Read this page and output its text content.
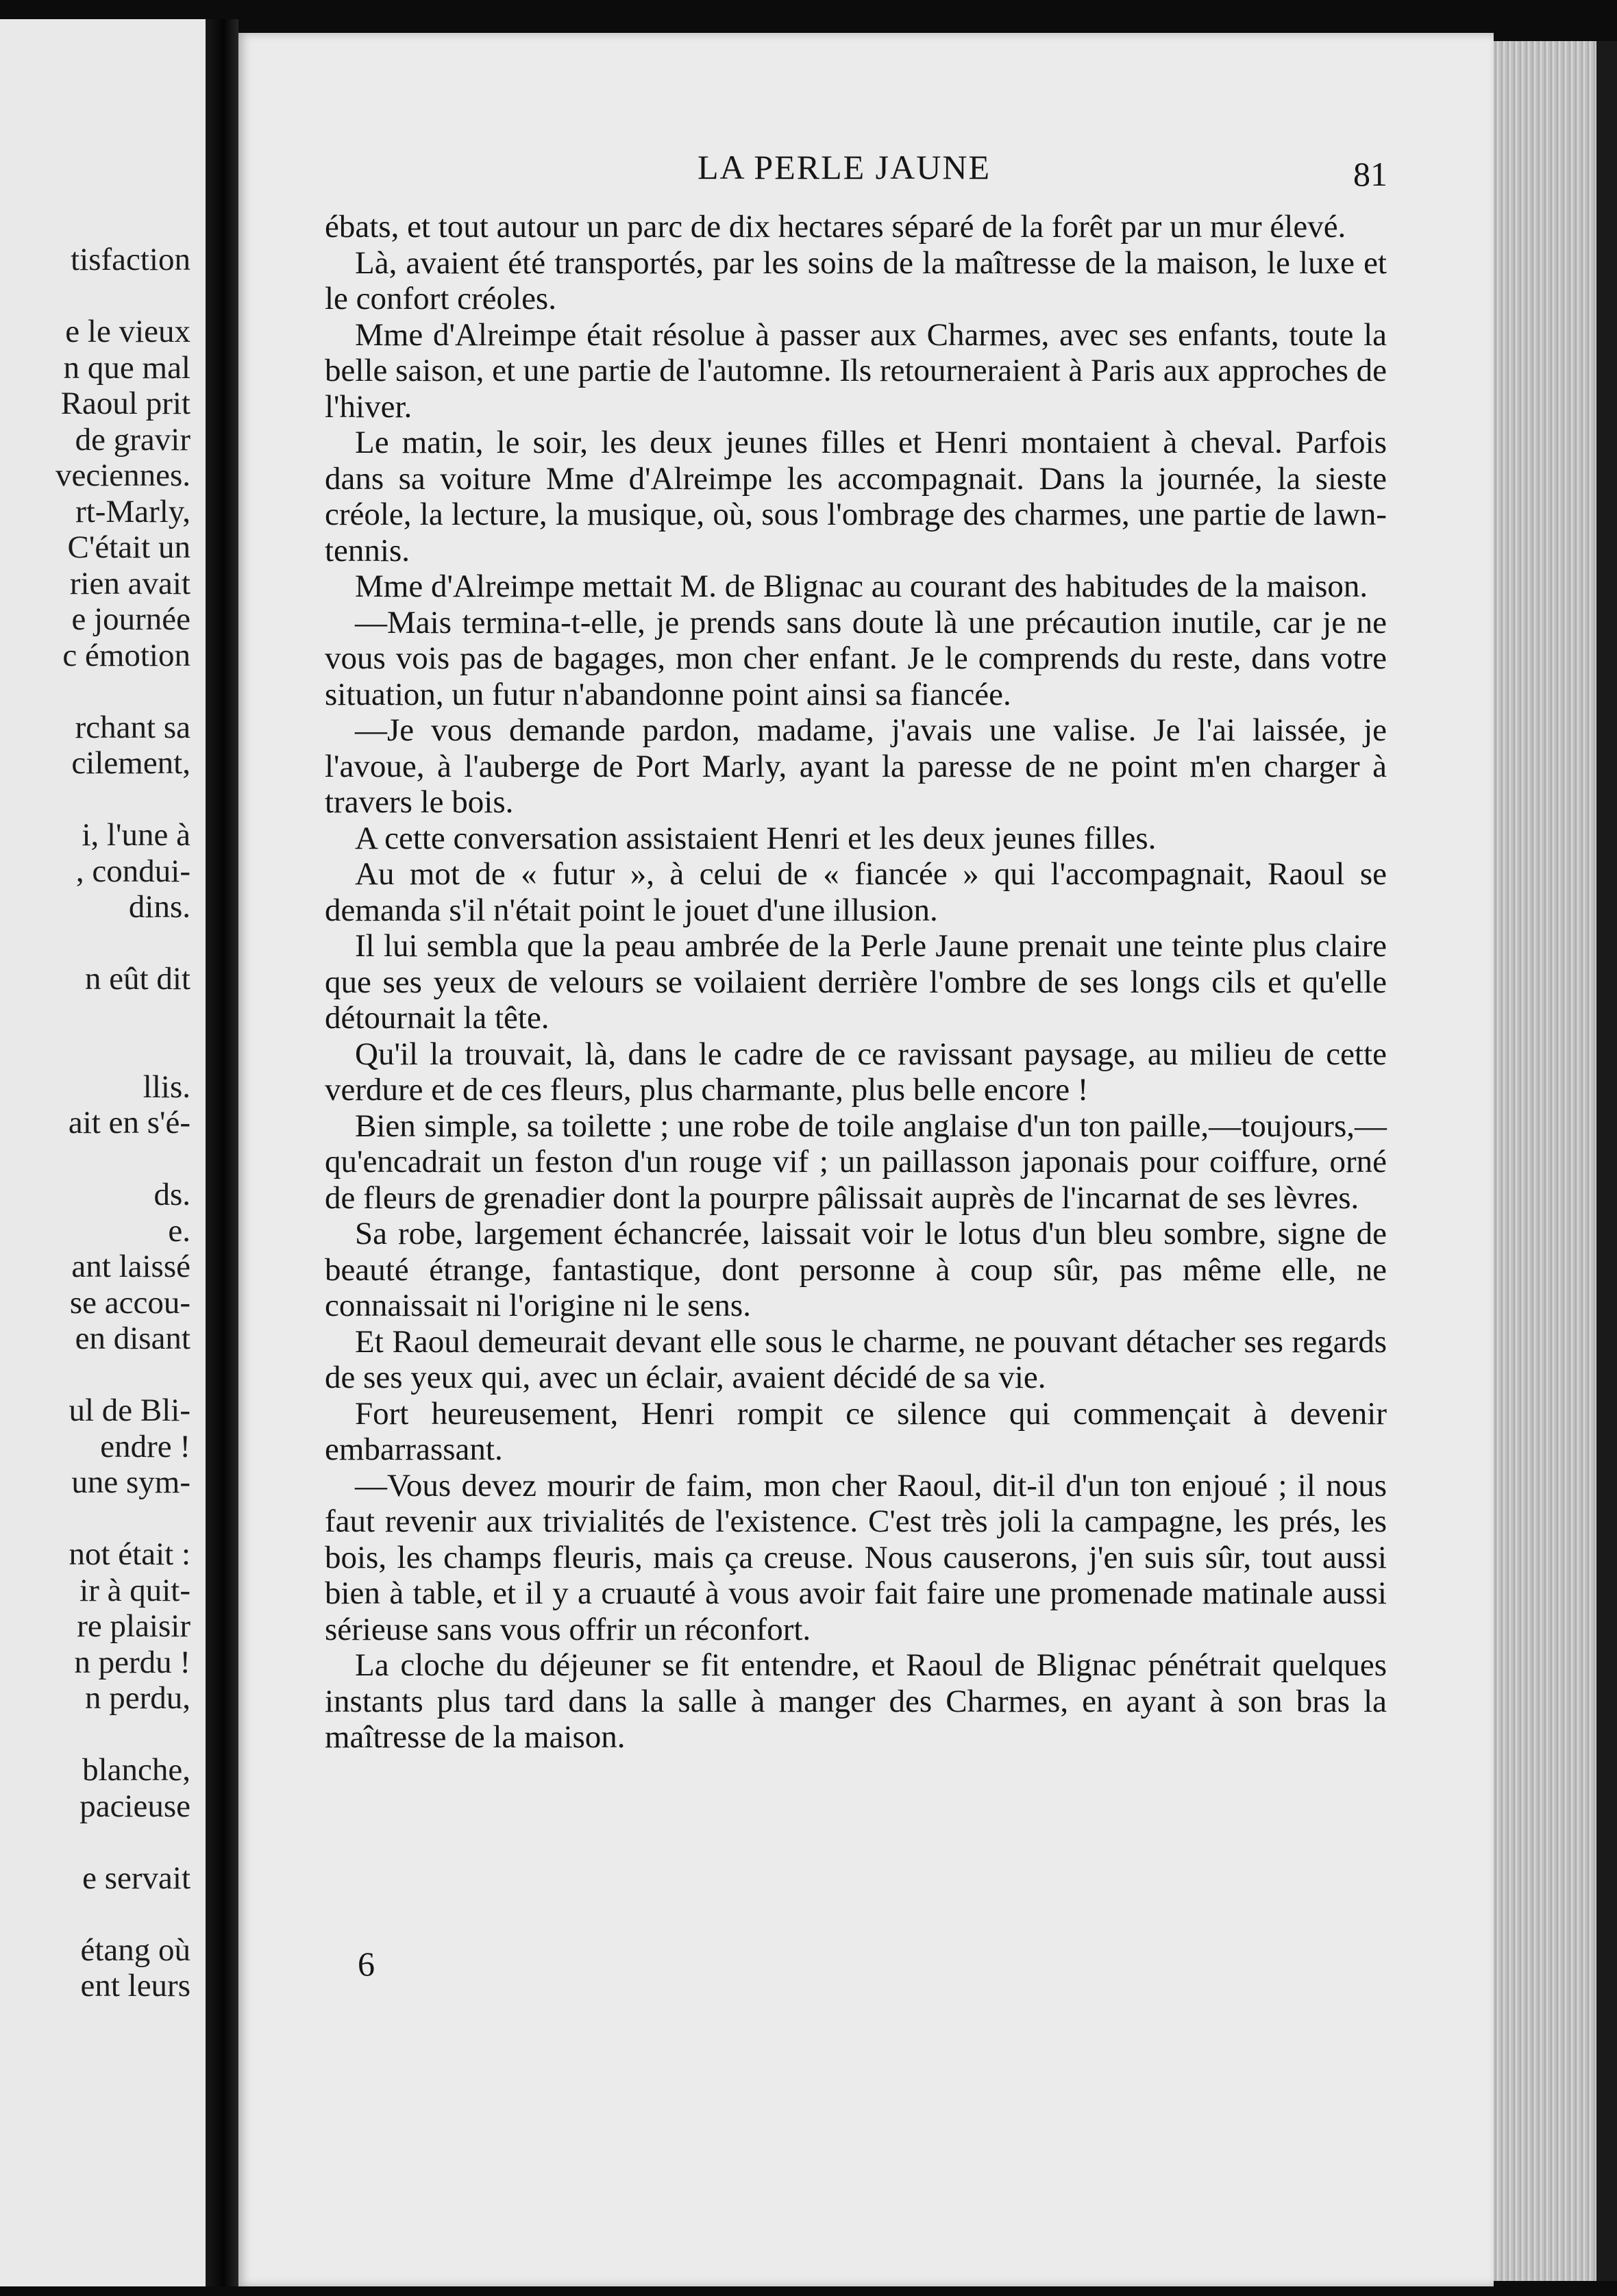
tisfaction
e le vieux
n que mal
Raoul prit
de gravir
veciennes.
rt-Marly,
C'était un
rien avait
e journée
c émotion
rchant sa
cilement,
i, l'une à
, condui-
dins.
n eût dit
llis.
ait en s'é-
ds.
e.
ant laissé
se accou-
en disant
ul de Bli-
endre !
une sym-
not était :
ir à quit-
re plaisir
n perdu !
n perdu,
blanche,
pacieuse
e servait
étang où
ent leurs
LA PERLE JAUNE	81

ébats, et tout autour un parc de dix hectares séparé de la forêt par un mur élevé.

Là, avaient été transportés, par les soins de la maîtresse de la maison, le luxe et le confort créoles.

Mme d'Alreimpe était résolue à passer aux Charmes, avec ses enfants, toute la belle saison, et une partie de l'automne. Ils retourneraient à Paris aux approches de l'hiver.

Le matin, le soir, les deux jeunes filles et Henri montaient à cheval. Parfois dans sa voiture Mme d'Alreimpe les accompagnait. Dans la journée, la sieste créole, la lecture, la musique, où, sous l'ombrage des charmes, une partie de lawn-tennis.

Mme d'Alreimpe mettait M. de Blignac au courant des habitudes de la maison.

—Mais termina-t-elle, je prends sans doute là une précaution inutile, car je ne vous vois pas de bagages, mon cher enfant. Je le comprends du reste, dans votre situation, un futur n'abandonne point ainsi sa fiancée.

—Je vous demande pardon, madame, j'avais une valise. Je l'ai laissée, je l'avoue, à l'auberge de Port Marly, ayant la paresse de ne point m'en charger à travers le bois.

A cette conversation assistaient Henri et les deux jeunes filles.

Au mot de « futur », à celui de « fiancée » qui l'accompagnait, Raoul se demanda s'il n'était point le jouet d'une illusion.

Il lui sembla que la peau ambrée de la Perle Jaune prenait une teinte plus claire que ses yeux de velours se voilaient derrière l'ombre de ses longs cils et qu'elle détournait la tête.

Qu'il la trouvait, là, dans le cadre de ce ravissant paysage, au milieu de cette verdure et de ces fleurs, plus charmante, plus belle encore !

Bien simple, sa toilette ; une robe de toile anglaise d'un ton paille,—toujours,—qu'encadrait un feston d'un rouge vif ; un paillasson japonais pour coiffure, orné de fleurs de grenadier dont la pourpre pâlissait auprès de l'incarnat de ses lèvres.

Sa robe, largement échancrée, laissait voir le lotus d'un bleu sombre, signe de beauté étrange, fantastique, dont personne à coup sûr, pas même elle, ne connaissait ni l'origine ni le sens.

Et Raoul demeurait devant elle sous le charme, ne pouvant détacher ses regards de ses yeux qui, avec un éclair, avaient décidé de sa vie.

Fort heureusement, Henri rompit ce silence qui commençait à devenir embarrassant.

—Vous devez mourir de faim, mon cher Raoul, dit-il d'un ton enjoué ; il nous faut revenir aux trivialités de l'existence. C'est très joli la campagne, les prés, les bois, les champs fleuris, mais ça creuse. Nous causerons, j'en suis sûr, tout aussi bien à table, et il y a cruauté à vous avoir fait faire une promenade matinale aussi sérieuse sans vous offrir un réconfort.

La cloche du déjeuner se fit entendre, et Raoul de Blignac pénétrait quelques instants plus tard dans la salle à manger des Charmes, en ayant à son bras la maîtresse de la maison.

6
